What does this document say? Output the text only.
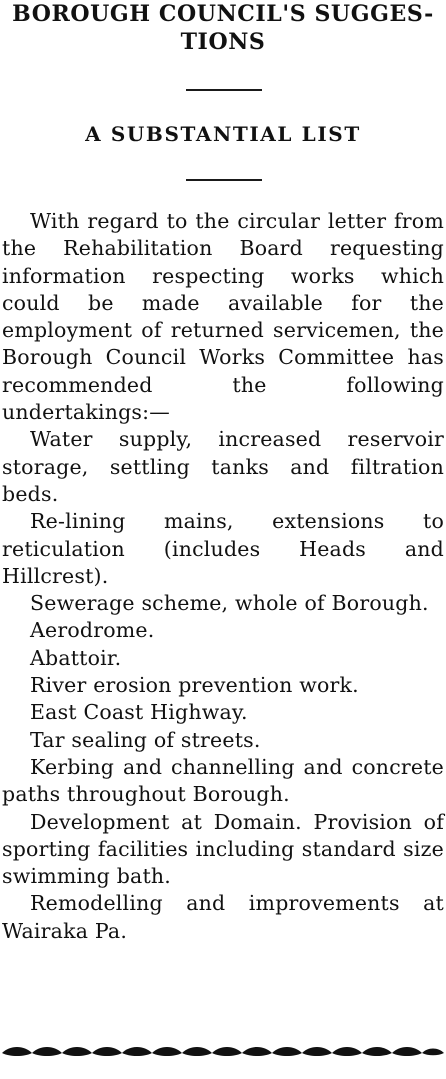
BOROUGH COUNCIL'S SUGGES-
TIONS
A SUBSTANTIAL LIST

With regard to the circular letter from the Rehabilitation Board requesting information respecting works which could be made available for the employment of returned servicemen, the Borough Council Works Committee has recommended the following undertakings:—

Water supply, increased reservoir storage, settling tanks and filtration beds.

Re-lining mains, extensions to reticulation (includes Heads and Hillcrest).

Sewerage scheme, whole of Borough.

Aerodrome.

Abattoir.

River erosion prevention work.

East Coast Highway.

Tar sealing of streets.

Kerbing and channelling and concrete paths throughout Borough.

Development at Domain. Provision of sporting facilities including standard size swimming bath.

Remodelling and improvements at Wairaka Pa.
